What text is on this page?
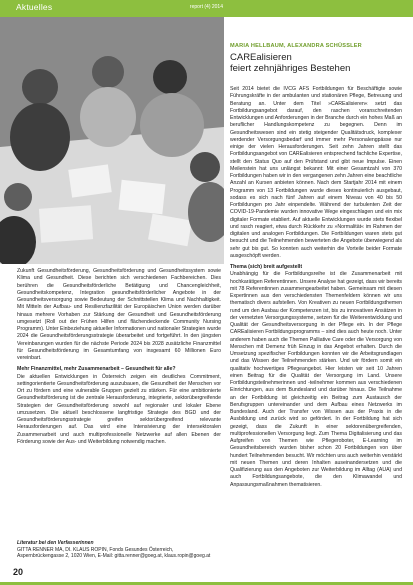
Aktuelles	report (4) 2014
MARIA HELLBAUM, ALEXANDRA SCHÜSSLER
CAREalisieren
feiert zehnjähriges Bestehen

Seit 2014 bietet die IVCG AFS Fortbildungen für Beschäftigte sowie Führungskräfte in der ambulanten und stationären Pflege, Betreuung und Beratung an. Unter dem Titel »CAREalisieren« setzt das Fortbildungsangebot darauf, den raschen voranschreitenden Entwicklungen und Anforderungen in der Branche durch ein hohes Maß an beruflicher Handlungskompetenz zu begegnen. Denn im Gesundheitswesen sind ein stetig steigender Qualitätsdruck, komplexer werdender Versorgungsbedarf und immer mehr Personalengpässe nur einige der vielen Herausforderungen. Seit zehn Jahren stellt das Fortbildungsangebot von CAREalisieren entsprechend fachliche Expertise, stellt den Status Quo auf den Prüfstand und gibt neue Impulse. Einen Meilenstein hat uns unlängst bekannt: Mit einer Gesamtzahl von 370 Fortbildungen haben wir in den vergangenen zehn Jahren eine beachtliche Anzahl an Kursen anbieten können. Nach dem Startjahr 2014 mit einem Programm von 13 Fortbildungen wurde dieses kontinuierlich ausgebaut, sodass es sich nach fünf Jahren auf einem Niveau von 40 bis 50 Fortbildungen pro Jahr einpendelte. Während der turbulenten Zeit der COVID-19-Pandemie wurden innovative Wege eingeschlagen und ein mix digitaler Formate etabliert. Auf aktuelle Entwicklungen wurde stets flexibel und rasch reagiert, etwa durch Rückkehr zu »Normalität« im Rahmen der digitalen und analogen Fortbildungen. Die Fortbildungen waren stets gut besucht und die Teilnehmenden bewerteten die Angebote überwiegend als sehr gut bis gut. So konnten auch weiterhin die Vorteile beider Formate ausgeschöpft werden.

Thema (sich) breit aufgestellt

Unabhängig für die Fortbildungsreihe ist die Zusammenarbeit mit hochkarätigen Referentinnen. Unsere Analyse hat gezeigt, dass wir bereits mit 78 Referentinnen zusammengearbeitet haben. Gemeinsam mit diesen Expertinnen aus den verschiedensten Themenfeldern können wir uns thematisch divers aufstellen. Von Kreativen zu neuen Fortbildungsthemen rund um den Ausbau der Kompetenzen ist, bis zu innovativen Ansätzen in der vernetzten Versorgungssysteme, setzen für die Weiterentwicklung und Qualität der Gesundheitsversorgung in der Pflege ein. In der Pflege CAREalisieren Fortbildungsprogramms – sind dies auch heute noch. Unter anderem haben auch die Themen Palliative Care oder die Versorgung von Menschen mit Demenz früh Einzug in das Angebot erhalten. Durch die Umsetzung spezifischer Fortbildungen konnten wir die Arbeitsgrundlagen und das Wissen der Teilnehmenden stärken. Und wir fördern somit ein qualitativ hochwertiges Pflegeangebot. Hier leisten wir seit 10 Jahren einen Beitrag für die Qualität der Versorgung im Land. Unsere Fortbildungsteilnehmerinnen und -teilnehmer kommen aus verschiedenen Einrichtungen, aus dem Bundesland und darüber hinaus. Die Teilnahme an der Fortbildung ist gleichzeitig ein Beitrag zum Austausch der Berufsgruppen untereinander und dem Aufbau eines Netzwerks im Bundesland. Auch der Transfer von Wissen aus der Praxis in die Ausbildung und zurück wird so gefördert. In der Fortbildung hat sich gezeigt, dass die Zukunft in einer sektorenübergreifenden, multiprofessionellen Versorgung liegt. Zum Thema Digitalisierung und das Aufgreifen von Themen wie Pflegeroboter, E-Learning im Gesundheitsbereich wurden bisher schon 20 Fortbildungen von über hundert Teilnehmenden besucht. Wir möchten uns auch weiterhin verstärkt mit neuen Themen und deren Inhalten auseinandersetzen und die Qualifizierung aus den Angeboten zur Weiterbildung im Alltag (AUA) und auch Fortbildungsangebote, die den Klimawandel und Anpassungsmaßnahmen thematisieren.

Zukunft Gesundheitsförderung, Gesundheitsförderung und Gesundheitssystem sowie Klima und Gesundheit. Diese berichten sich verschiedenen Fachbereichen. Dies berühren die Gesundheitsförderliche Betätigung und Chancengleichheit, Gesundheitskompetenz, Integration gesundheitsförderlicher Angebote in der Gesundheitsversorgung sowie Bedeutung der Schnittstellen Klima und Nachhaltigkeit. Mit Mitteln der Aufbau- und Resilienzfazilität der Europäischen Union werden darüber hinaus mehrere Vorhaben zur Stärkung der Gesundheit und Gesundheitsförderung umgesetzt (Roll out der Frühen Hilfen und flächendeckende Community Nursing Programm). Unter Einbeziehung aktueller Informationen und nationaler Strategien wurde 2024 die Gesundheitsförderungsstrategie überarbeitet und fortgeführt. In den jüngsten Vereinbarungen wurden für die nächste Periode 2024 bis 2028 zusätzliche Finanzmittel für Gesundheitsförderung im Gesamtumfang von insgesamt 60 Millionen Euro vereinbart.

Mehr Finanzmittel, mehr Zusammenarbeit – Gesundheit für alle?

Die aktuellen Entwicklungen in Österreich zeigen ein deutliches Commitment, settingorientierte Gesundheitsförderung auszubauen, die Gesundheit der Menschen vor Ort zu fördern und eine vulnerable Gruppen gezielt zu stärken. Für eine ambitionierte Gesundheitsförderung ist die zentrale Herausforderung, integrierte, sektorübergreifende Strategien der Gesundheitsförderung sowohl auf regionaler und lokaler Ebene umzusetzen. Die aktuell beschlossene langfristige Strategie des BGD und der Gesundheitsförderungsstrategie greifen sektorübergreifend relevante Herausforderungen auf. Das wird eine Intensivierung der intersektoralen Zusammenarbeit und auch multiprofessionelle Netzwerke auf allen Ebenen der Förderung sowie der Aus- und Weiterbildung notwendig machen.

Literatur bei den Verfasserinnen
GITTA RENNER MA, DI. KLAUS ROPIN, Fonds Gesundes Österreich, Aspernbrückengasse 2, 1020 Wien, E-Mail: gitta.renner@goeg.at, klaus.ropin@goeg.at
20
